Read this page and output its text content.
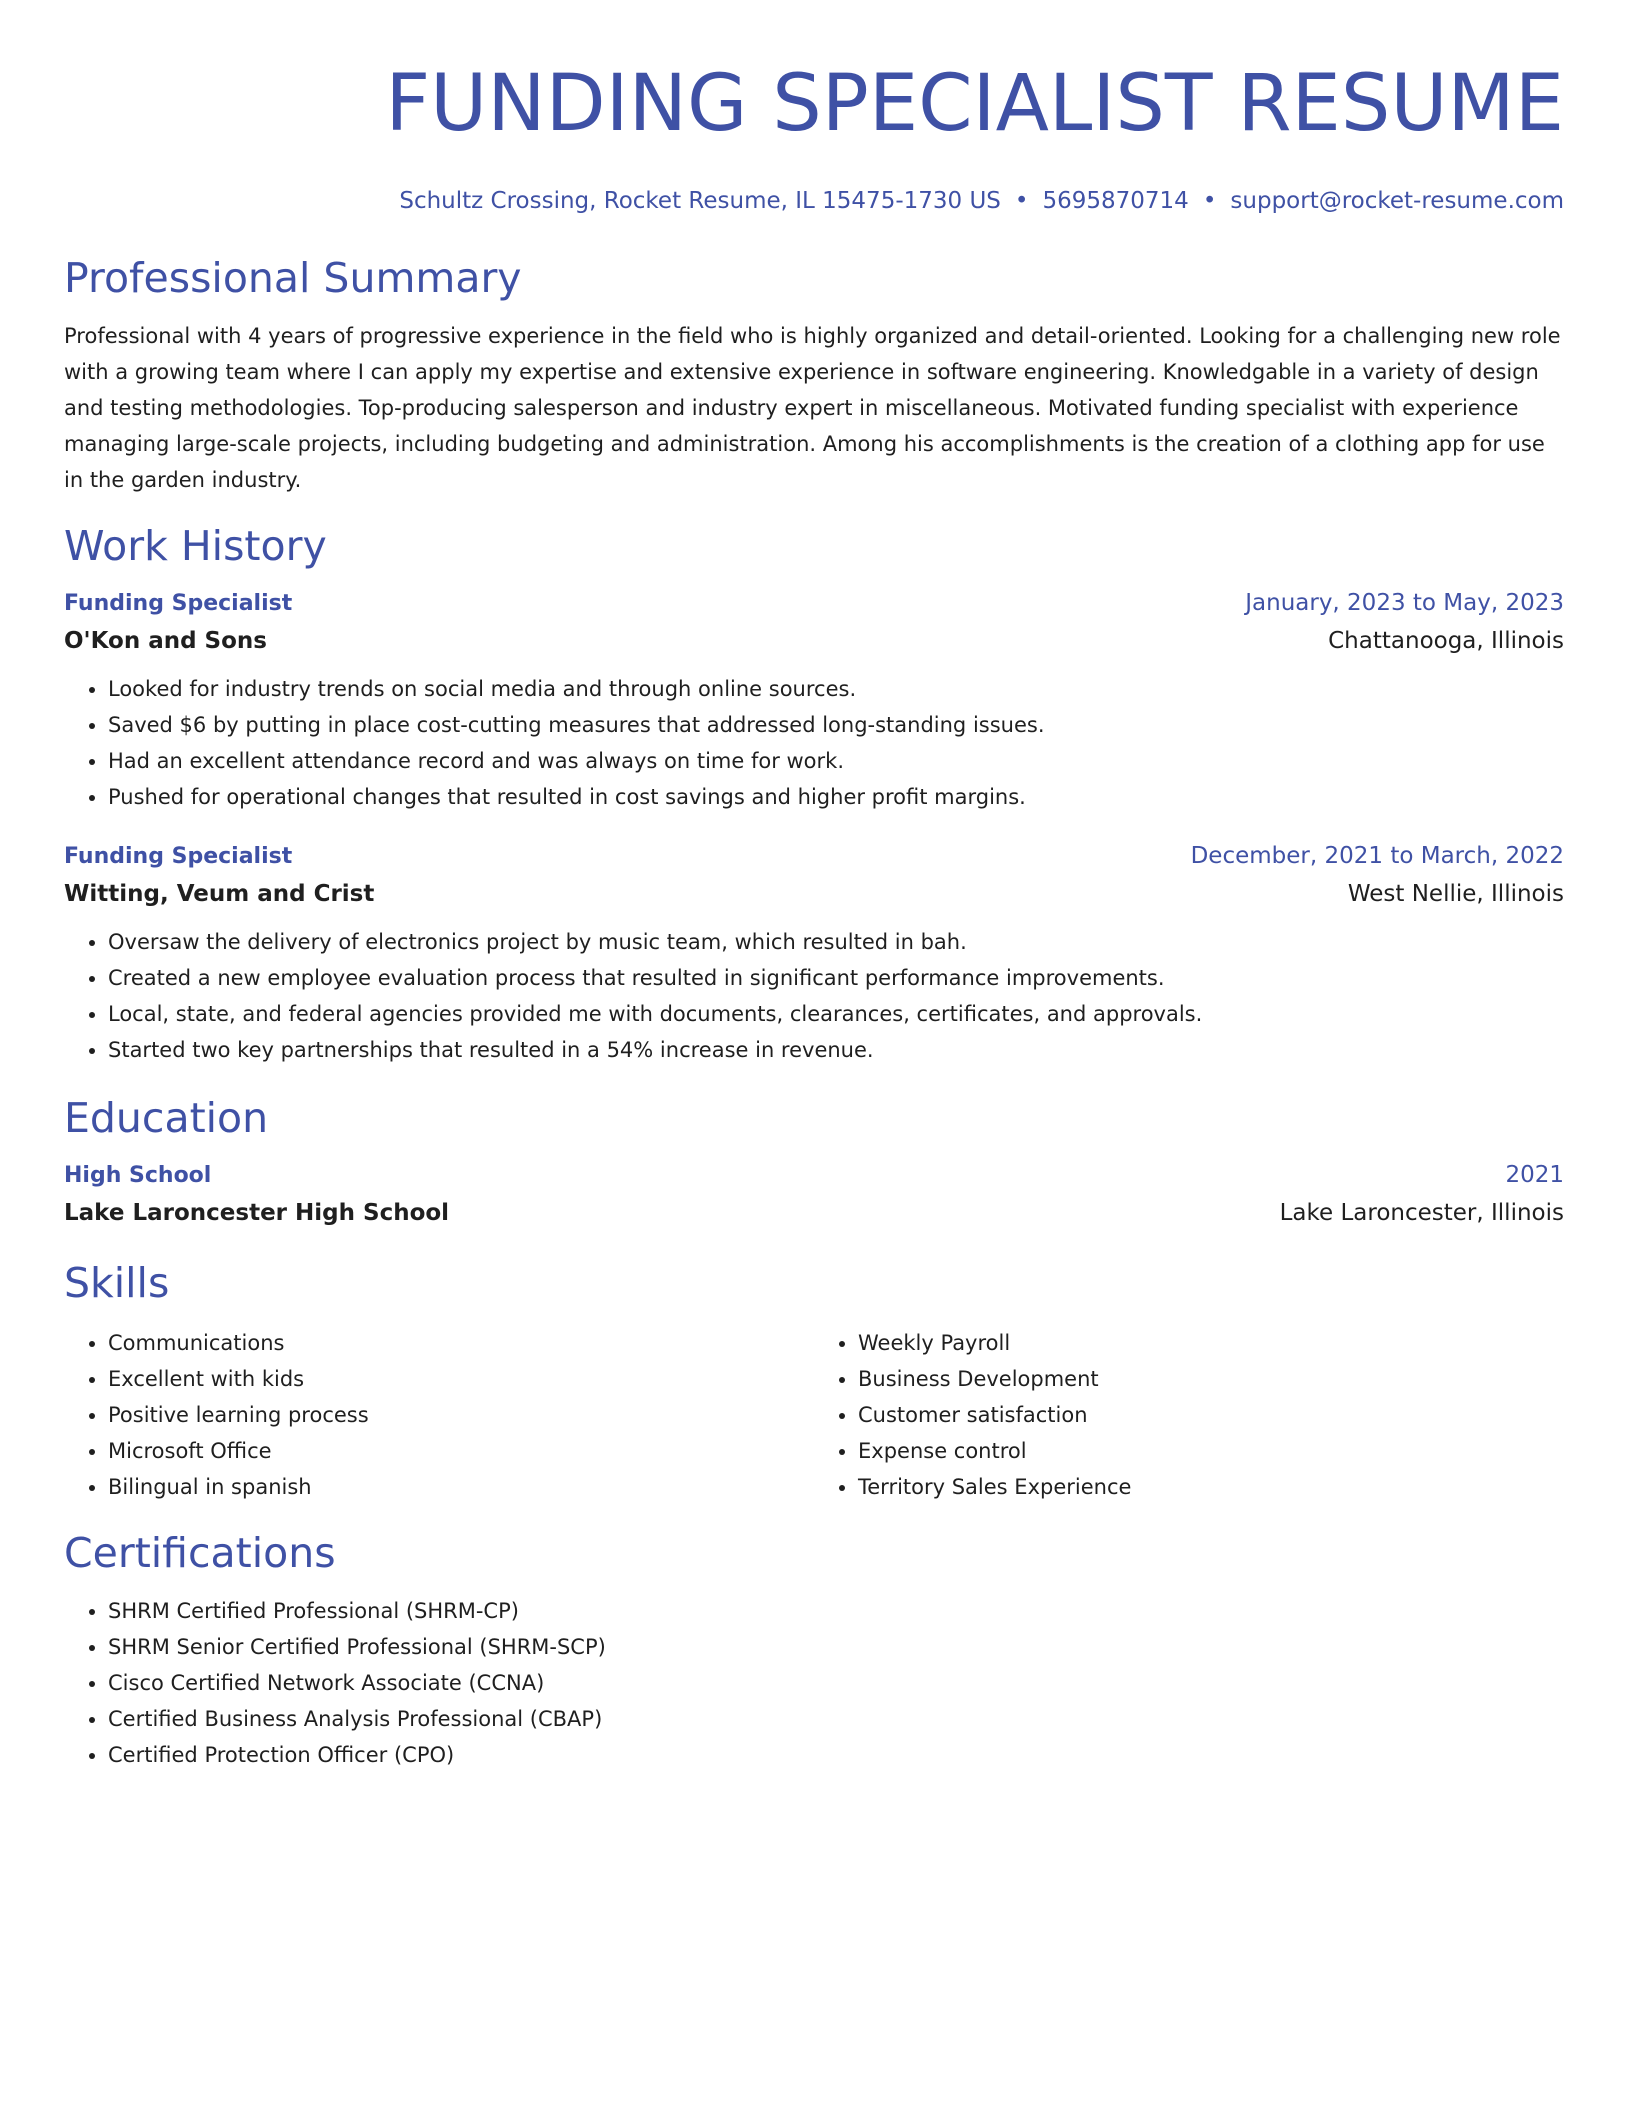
FUNDING SPECIALIST RESUME
Schultz Crossing, Rocket Resume, IL 15475-1730 US • 5695870714 • support@rocket-resume.com
Professional Summary

Professional with 4 years of progressive experience in the field who is highly organized and detail-oriented. Looking for a challenging new role with a growing team where I can apply my expertise and extensive experience in software engineering. Knowledgable in a variety of design and testing methodologies. Top-producing salesperson and industry expert in miscellaneous. Motivated funding specialist with experience managing large-scale projects, including budgeting and administration. Among his accomplishments is the creation of a clothing app for use in the garden industry.

Work History
Funding Specialist	January, 2023 to May, 2023
O'Kon and Sons	Chattanooga, Illinois
• Looked for industry trends on social media and through online sources.
• Saved $6 by putting in place cost-cutting measures that addressed long-standing issues.
• Had an excellent attendance record and was always on time for work.
• Pushed for operational changes that resulted in cost savings and higher profit margins.
Funding Specialist	December, 2021 to March, 2022
Witting, Veum and Crist	West Nellie, Illinois
• Oversaw the delivery of electronics project by music team, which resulted in bah.
• Created a new employee evaluation process that resulted in significant performance improvements.
• Local, state, and federal agencies provided me with documents, clearances, certificates, and approvals.
• Started two key partnerships that resulted in a 54% increase in revenue.
Education
High School	2021
Lake Laroncester High School	Lake Laroncester, Illinois
Skills
• Communications
• Excellent with kids
• Positive learning process
• Microsoft Office
• Bilingual in spanish
• Weekly Payroll
• Business Development
• Customer satisfaction
• Expense control
• Territory Sales Experience
Certifications
• SHRM Certified Professional (SHRM-CP)
• SHRM Senior Certified Professional (SHRM-SCP)
• Cisco Certified Network Associate (CCNA)
• Certified Business Analysis Professional (CBAP)
• Certified Protection Officer (CPO)
